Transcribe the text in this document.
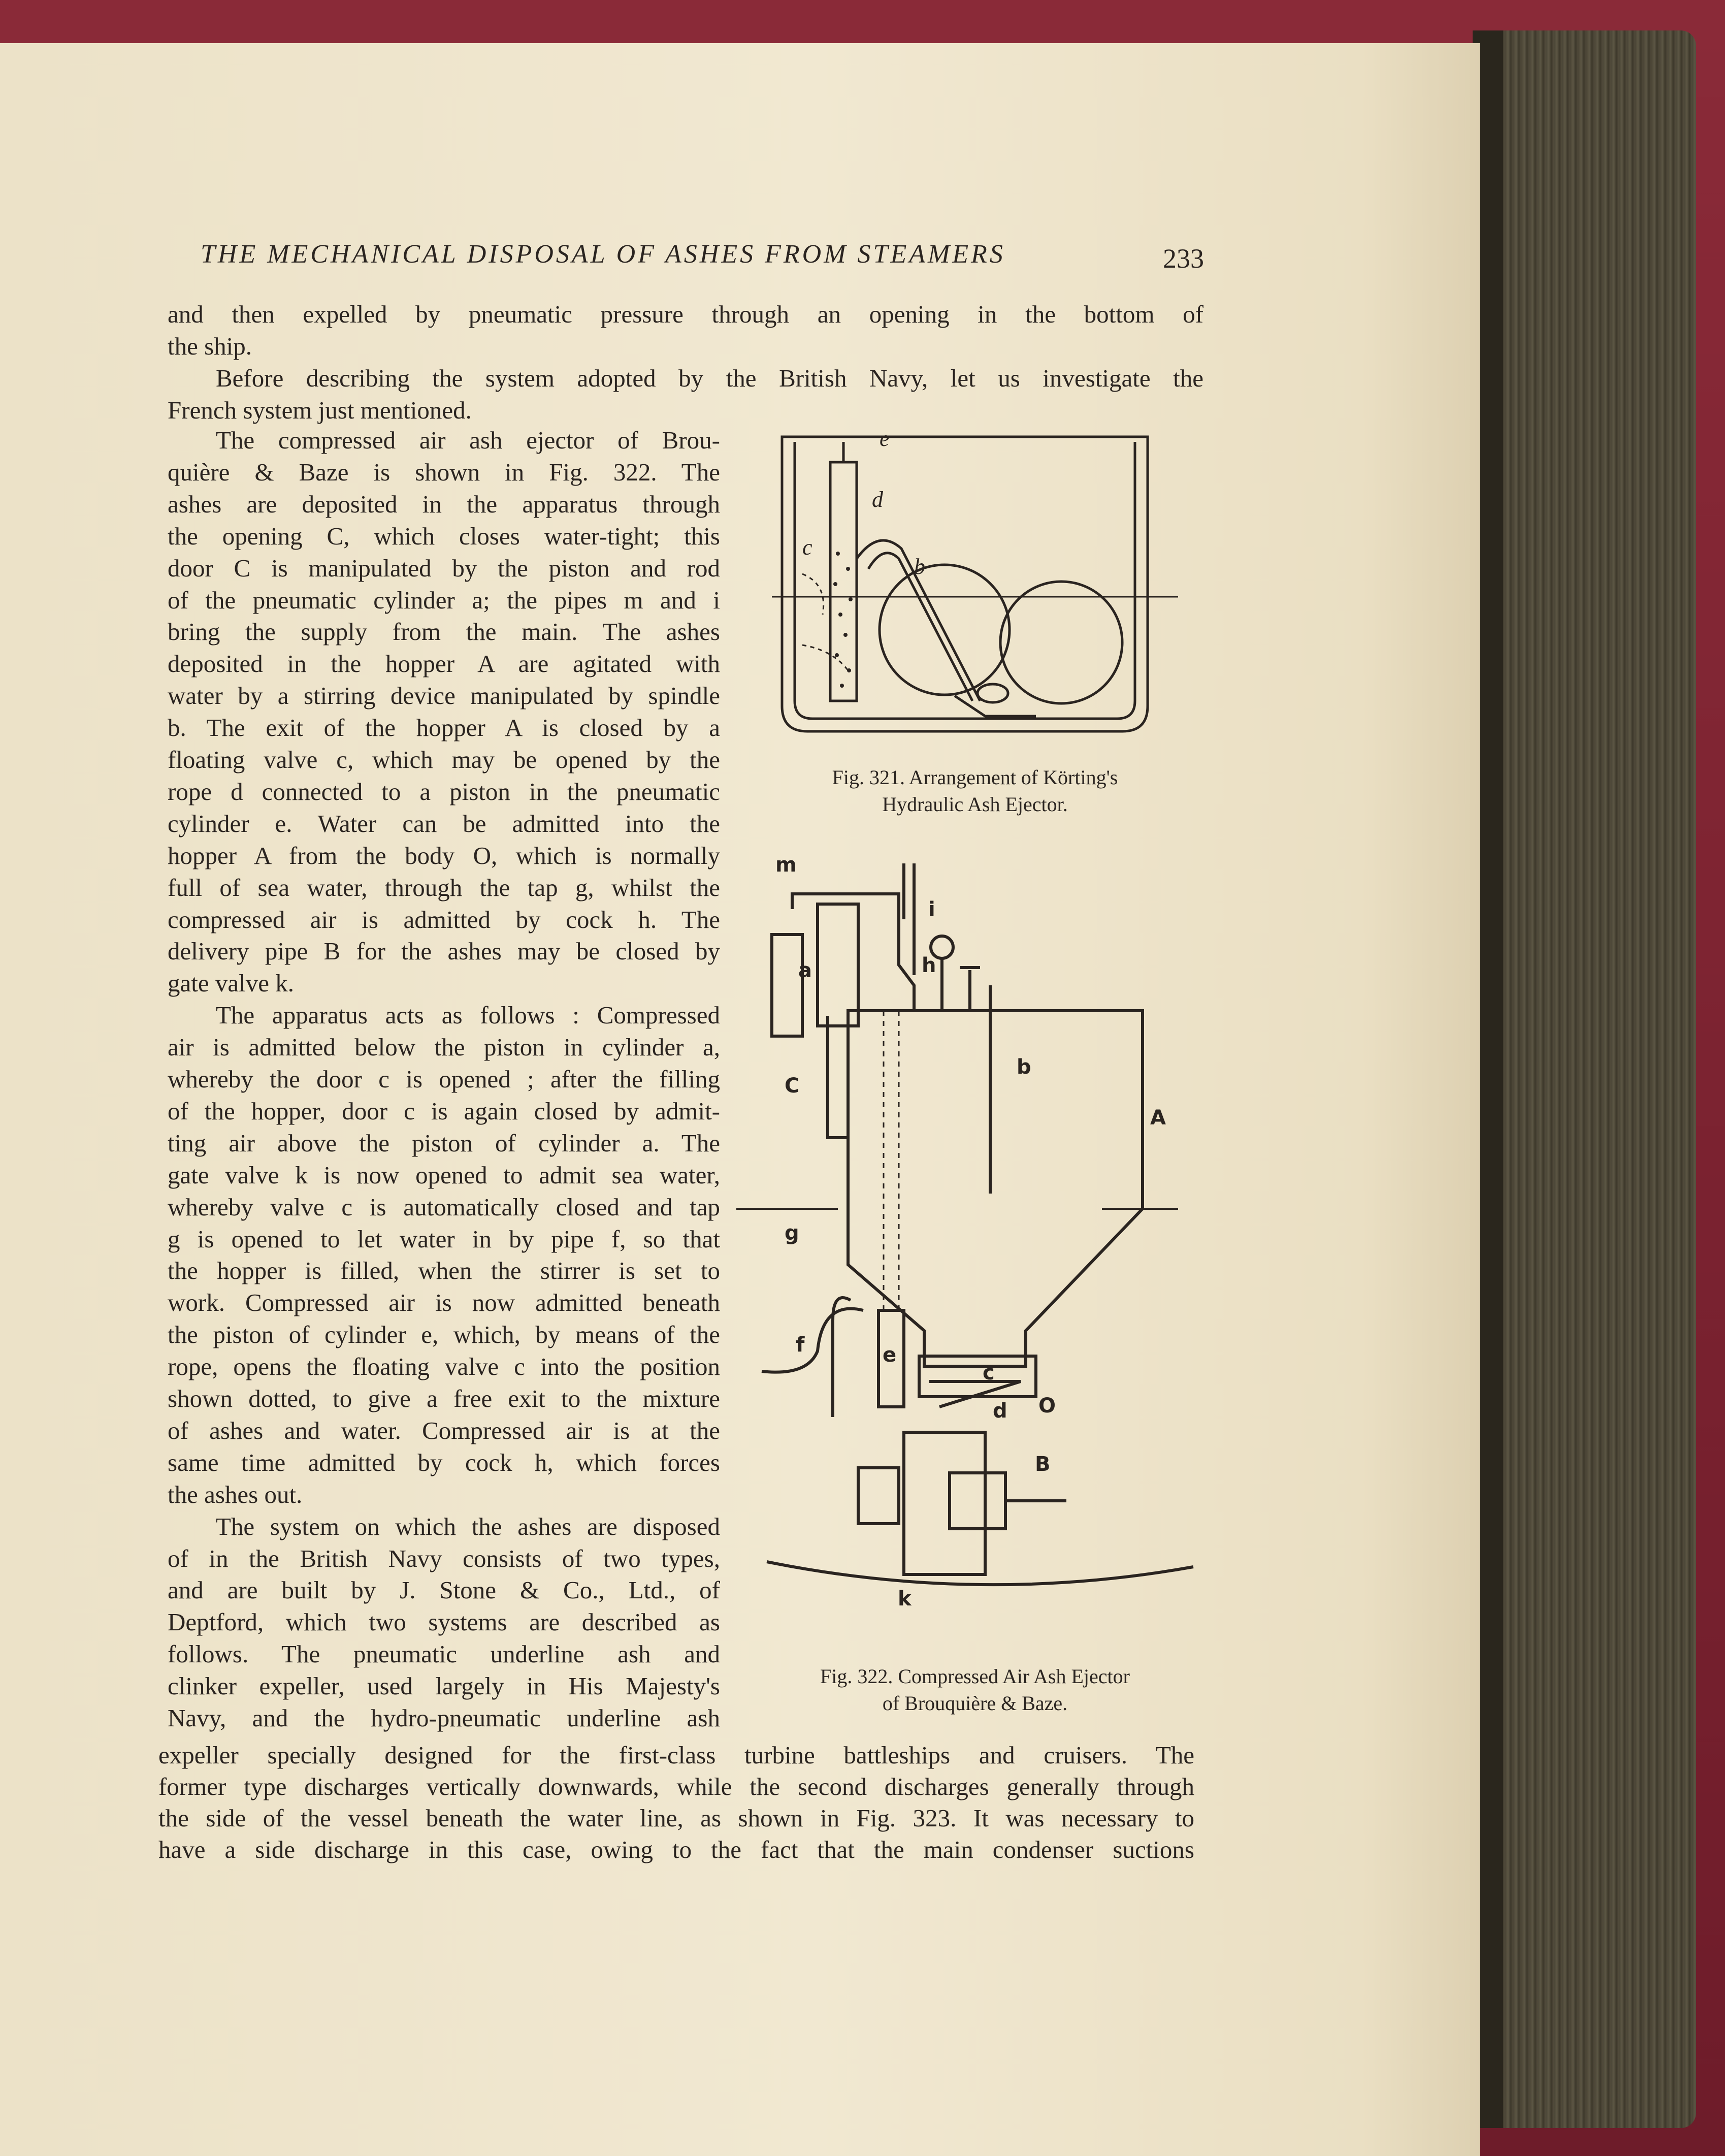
THE MECHANICAL DISPOSAL OF ASHES FROM STEAMERS	233
and then expelled by pneumatic pressure through an opening in the bottom of
the ship.
Before describing the system adopted by the British Navy, let us investigate the
French system just mentioned.
The compressed air ash ejector of Brou-
quière & Baze is shown in Fig. 322. The
ashes are deposited in the apparatus through
the opening C, which closes water-tight; this
door C is manipulated by the piston and rod
of the pneumatic cylinder a; the pipes m and i
bring the supply from the main. The ashes
deposited in the hopper A are agitated with
water by a stirring device manipulated by spindle
b. The exit of the hopper A is closed by a
floating valve c, which may be opened by the
rope d connected to a piston in the pneumatic
cylinder e. Water can be admitted into the
hopper A from the body O, which is normally
full of sea water, through the tap g, whilst the
compressed air is admitted by cock h. The
delivery pipe B for the ashes may be closed by
gate valve k.
The apparatus acts as follows : Compressed
air is admitted below the piston in cylinder a,
whereby the door c is opened ; after the filling
of the hopper, door c is again closed by admit-
ting air above the piston of cylinder a. The
gate valve k is now opened to admit sea water,
whereby valve c is automatically closed and tap
g is opened to let water in by pipe f, so that
the hopper is filled, when the stirrer is set to
work. Compressed air is now admitted beneath
the piston of cylinder e, which, by means of the
rope, opens the floating valve c into the position
shown dotted, to give a free exit to the mixture
of ashes and water. Compressed air is at the
same time admitted by cock h, which forces
the ashes out.
The system on which the ashes are disposed
of in the British Navy consists of two types,
and are built by J. Stone & Co., Ltd., of
Deptford, which two systems are described as
follows. The pneumatic underline ash and
clinker expeller, used largely in His Majesty's
Navy, and the hydro-pneumatic underline ash
expeller specially designed for the first-class turbine battleships and cruisers. The
former type discharges vertically downwards, while the second discharges generally through
the side of the vessel beneath the water line, as shown in Fig. 323. It was necessary to
have a side discharge in this case, owing to the fact that the main condenser suctions
e
d
c
b
Fig. 321. Arrangement of Körting's
Hydraulic Ash Ejector.
m
i
a	h
C
b
A
g
f	e
c
d O
B
k
Fig. 322. Compressed Air Ash Ejector
of Brouquière & Baze.
